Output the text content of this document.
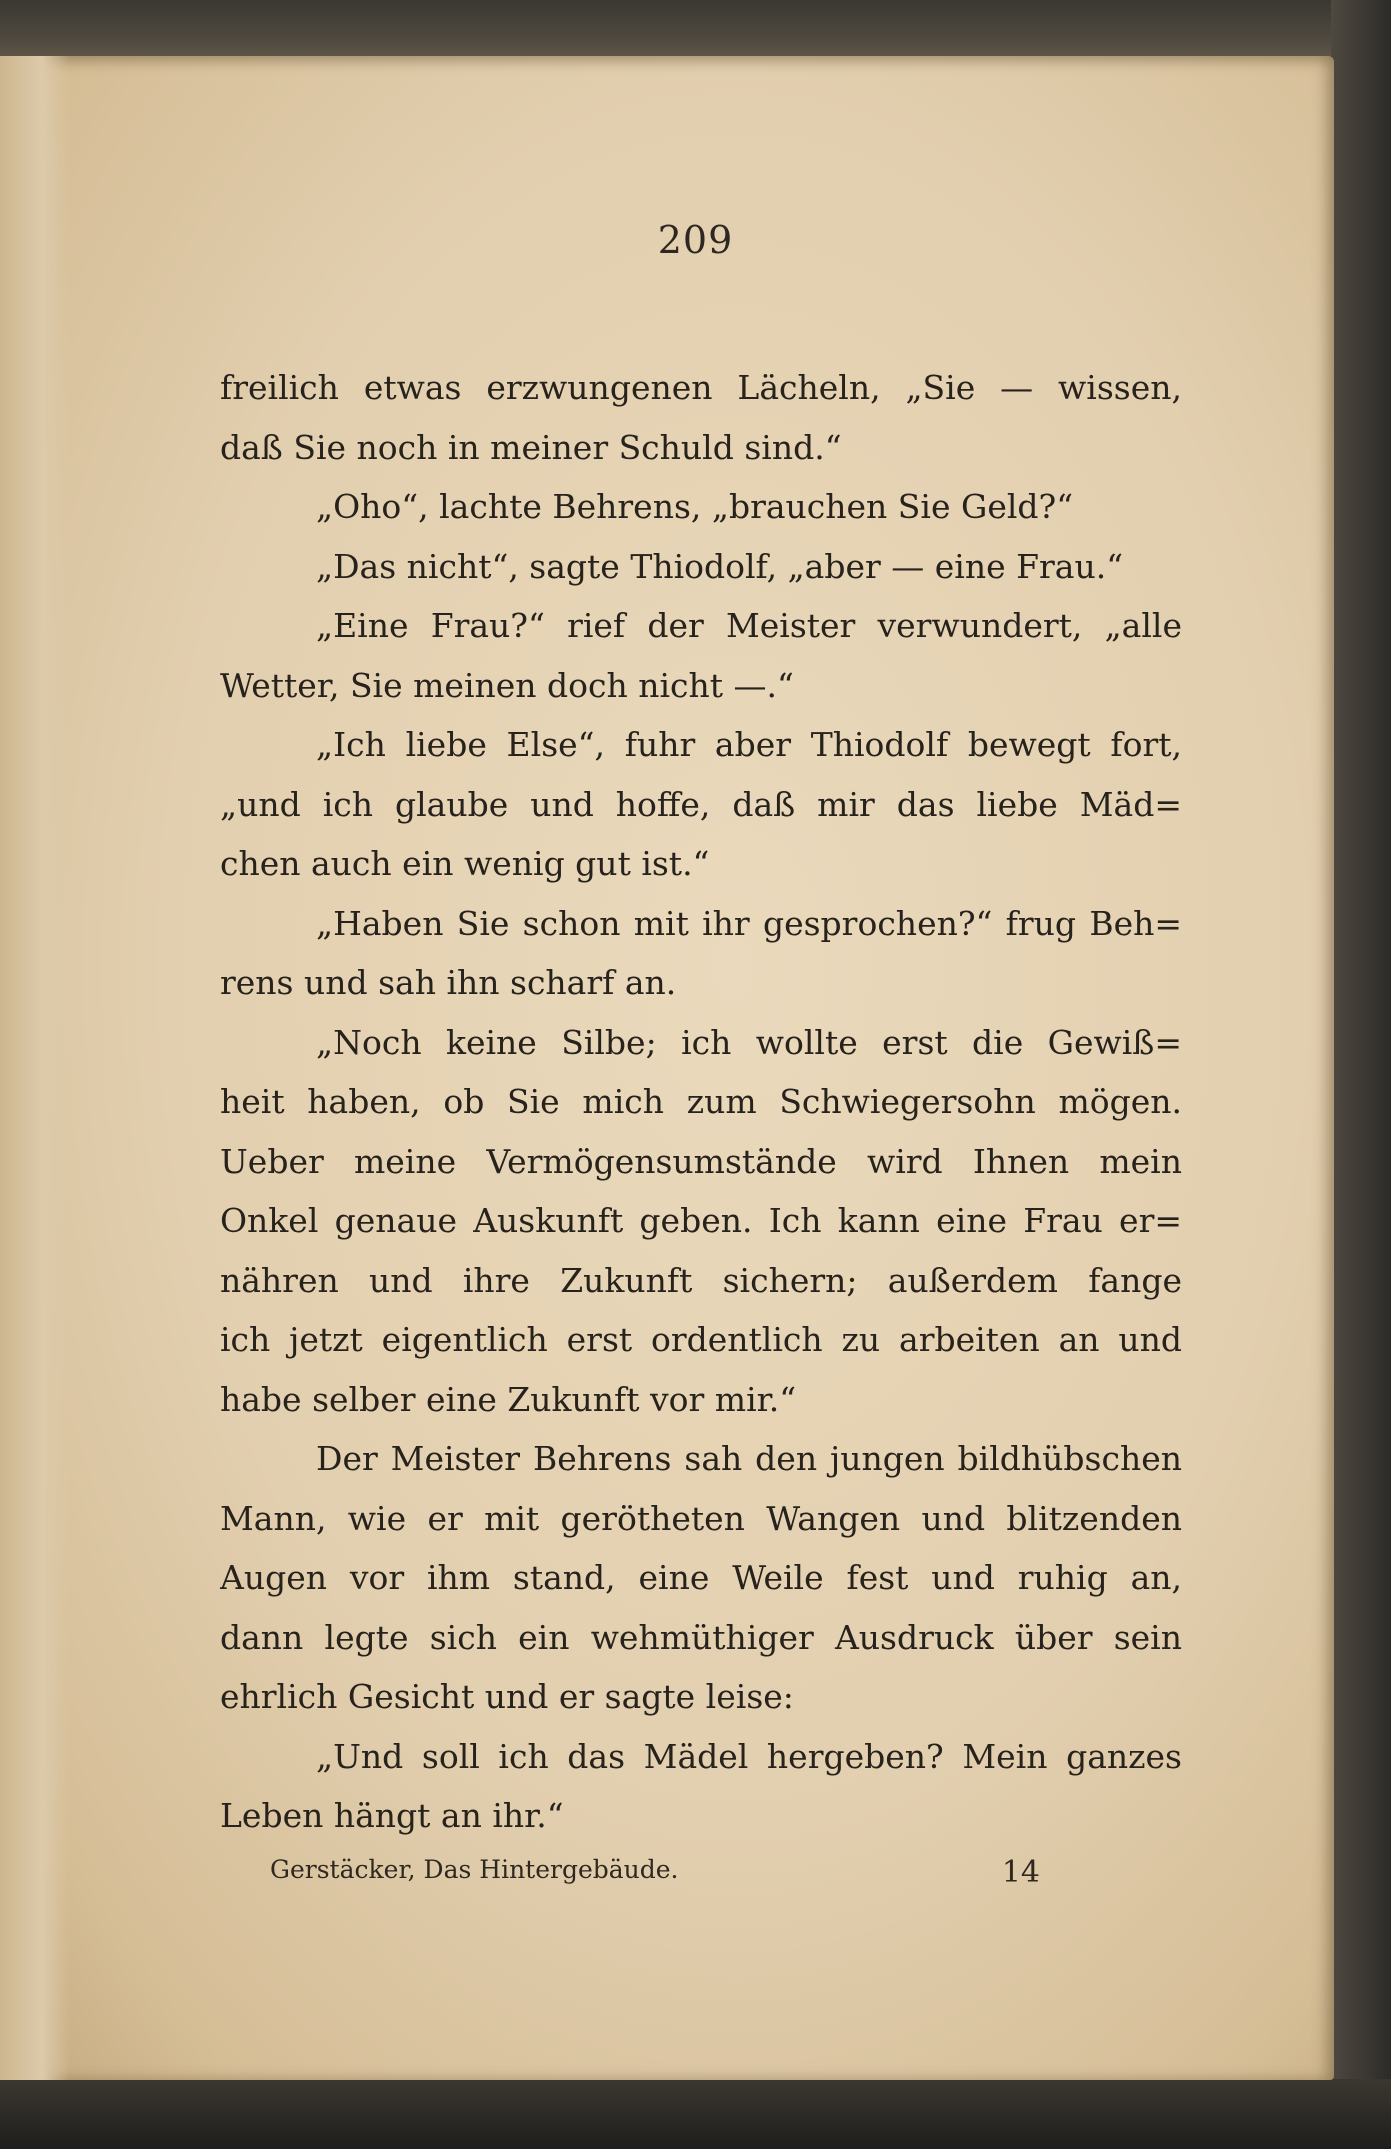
209
freilich etwas erzwungenen Lächeln, „Sie — wissen,
daß Sie noch in meiner Schuld sind.“
„Oho“, lachte Behrens, „brauchen Sie Geld?“
„Das nicht“, sagte Thiodolf, „aber — eine Frau.“
„Eine Frau?“ rief der Meister verwundert, „alle
Wetter, Sie meinen doch nicht —.“
„Ich liebe Else“, fuhr aber Thiodolf bewegt fort,
„und ich glaube und hoffe, daß mir das liebe Mäd=
chen auch ein wenig gut ist.“
„Haben Sie schon mit ihr gesprochen?“ frug Beh=
rens und sah ihn scharf an.
„Noch keine Silbe; ich wollte erst die Gewiß=
heit haben, ob Sie mich zum Schwiegersohn mögen.
Ueber meine Vermögensumstände wird Ihnen mein
Onkel genaue Auskunft geben. Ich kann eine Frau er=
nähren und ihre Zukunft sichern; außerdem fange
ich jetzt eigentlich erst ordentlich zu arbeiten an und
habe selber eine Zukunft vor mir.“
Der Meister Behrens sah den jungen bildhübschen
Mann, wie er mit gerötheten Wangen und blitzenden
Augen vor ihm stand, eine Weile fest und ruhig an,
dann legte sich ein wehmüthiger Ausdruck über sein
ehrlich Gesicht und er sagte leise:
„Und soll ich das Mädel hergeben? Mein ganzes
Leben hängt an ihr.“
Gerstäcker, Das Hintergebäude.	14
